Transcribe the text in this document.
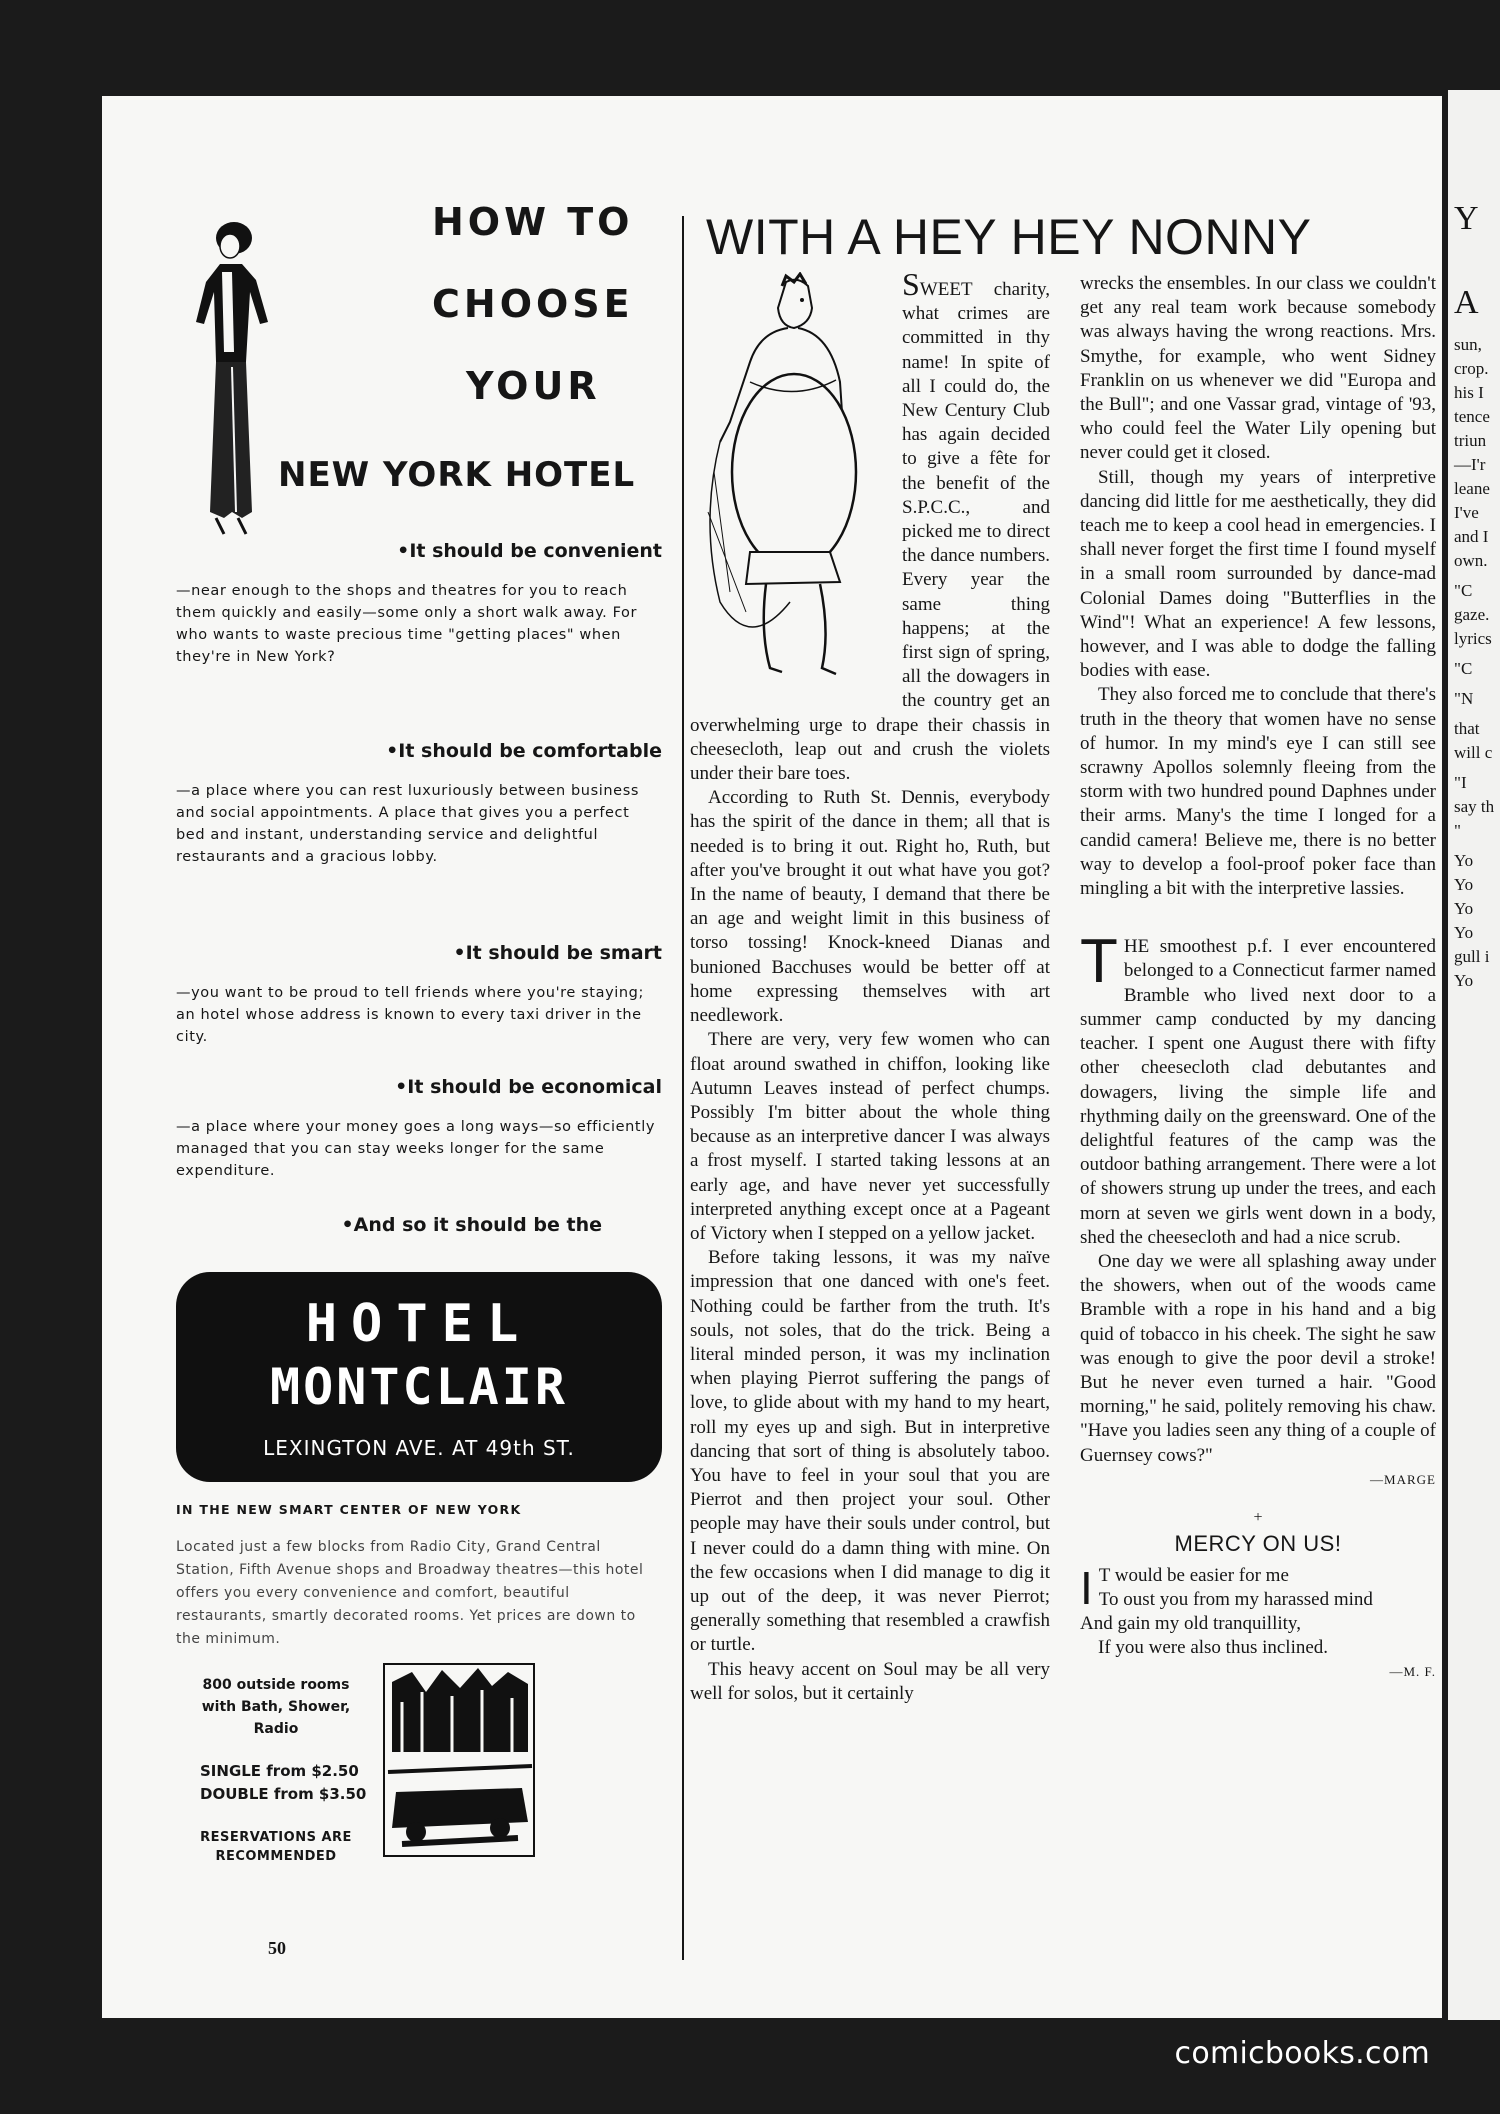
Y
A
sun,
crop.
his I
tence
triun
—I'r
leane
I've
and I
own.
"C
gaze.
lyrics
"C
"N
that
will c
"I
say th
"
Yo
Yo
Yo
Yo
gull i
Yo
HOW TO
CHOOSE
YOUR
NEW YORK HOTEL
• It should be convenient
—near enough to the shops and theatres for you to reach them quickly and easily—some only a short walk away. For who wants to waste precious time "getting places" when they're in New York?
• It should be comfortable
—a place where you can rest luxuriously between business and social appointments. A place that gives you a perfect bed and instant, understanding service and delightful restaurants and a gracious lobby.
• It should be smart
—you want to be proud to tell friends where you're staying; an hotel whose address is known to every taxi driver in the city.
• It should be economical
—a place where your money goes a long ways—so efficiently managed that you can stay weeks longer for the same expenditure.
• And so it should be the
HOTEL
MONTCLAIR
LEXINGTON AVE. AT 49th ST.
IN THE NEW SMART CENTER OF NEW YORK
Located just a few blocks from Radio City, Grand Central Station, Fifth Avenue shops and Broadway theatres—this hotel offers you every convenience and comfort, beautiful restaurants, smartly decorated rooms. Yet prices are down to the minimum.
800 outside rooms with Bath, Shower, Radio
SINGLE from $2.50
DOUBLE from $3.50
RESERVATIONS ARE RECOMMENDED
50
WITH A HEY HEY NONNY

SWEET charity, what crimes are committed in thy name! In spite of all I could do, the New Century Club has again decided to give a fête for the benefit of the S.P.C.C., and picked me to direct the dance numbers. Every year the same thing happens; at the first sign of spring, all the dowagers in the country get an overwhelming urge to drape their chassis in cheesecloth, leap out and crush the violets under their bare toes.

According to Ruth St. Dennis, everybody has the spirit of the dance in them; all that is needed is to bring it out. Right ho, Ruth, but after you've brought it out what have you got? In the name of beauty, I demand that there be an age and weight limit in this business of torso tossing! Knock-kneed Dianas and bunioned Bacchuses would be better off at home expressing themselves with art needlework.

There are very, very few women who can float around swathed in chiffon, looking like Autumn Leaves instead of perfect chumps. Possibly I'm bitter about the whole thing because as an interpretive dancer I was always a frost myself. I started taking lessons at an early age, and have never yet successfully interpreted anything except once at a Pageant of Victory when I stepped on a yellow jacket.

Before taking lessons, it was my naïve impression that one danced with one's feet. Nothing could be farther from the truth. It's souls, not soles, that do the trick. Being a literal minded person, it was my inclination when playing Pierrot suffering the pangs of love, to glide about with my hand to my heart, roll my eyes up and sigh. But in interpretive dancing that sort of thing is absolutely taboo. You have to feel in your soul that you are Pierrot and then project your soul. Other people may have their souls under control, but I never could do a damn thing with mine. On the few occasions when I did manage to dig it up out of the deep, it was never Pierrot; generally something that resembled a crawfish or turtle.

This heavy accent on Soul may be all very well for solos, but it certainly

wrecks the ensembles. In our class we couldn't get any real team work because somebody was always having the wrong reactions. Mrs. Smythe, for example, who went Sidney Franklin on us whenever we did "Europa and the Bull"; and one Vassar grad, vintage of '93, who could feel the Water Lily opening but never could get it closed.

Still, though my years of interpretive dancing did little for me aesthetically, they did teach me to keep a cool head in emergencies. I shall never forget the first time I found myself in a small room surrounded by dance-mad Colonial Dames doing "Butterflies in the Wind"! What an experience! A few lessons, however, and I was able to dodge the falling bodies with ease.

They also forced me to conclude that there's truth in the theory that women have no sense of humor. In my mind's eye I can still see scrawny Apollos solemnly fleeing from the storm with two hundred pound Daphnes under their arms. Many's the time I longed for a candid camera! Believe me, there is no better way to develop a fool-proof poker face than mingling a bit with the interpretive lassies.

THE smoothest p.f. I ever encountered belonged to a Connecticut farmer named Bramble who lived next door to a summer camp conducted by my dancing teacher. I spent one August there with fifty other cheesecloth clad debutantes and dowagers, living the simple life and rhythming daily on the greensward. One of the delightful features of the camp was the outdoor bathing arrangement. There were a lot of showers strung up under the trees, and each morn at seven we girls went down in a body, shed the cheesecloth and had a nice scrub.

One day we were all splashing away under the showers, when out of the woods came Bramble with a rope in his hand and a big quid of tobacco in his cheek. The sight he saw was enough to give the poor devil a stroke! But he never even turned a hair. "Good morning," he said, politely removing his chaw. "Have you ladies seen any thing of a couple of Guernsey cows?"

—MARGE
+
MERCY ON US!
I T would be easier for me
To oust you from my harassed mind
And gain my old tranquillity,
If you were also thus inclined.
—M. F.
comicbooks.com
